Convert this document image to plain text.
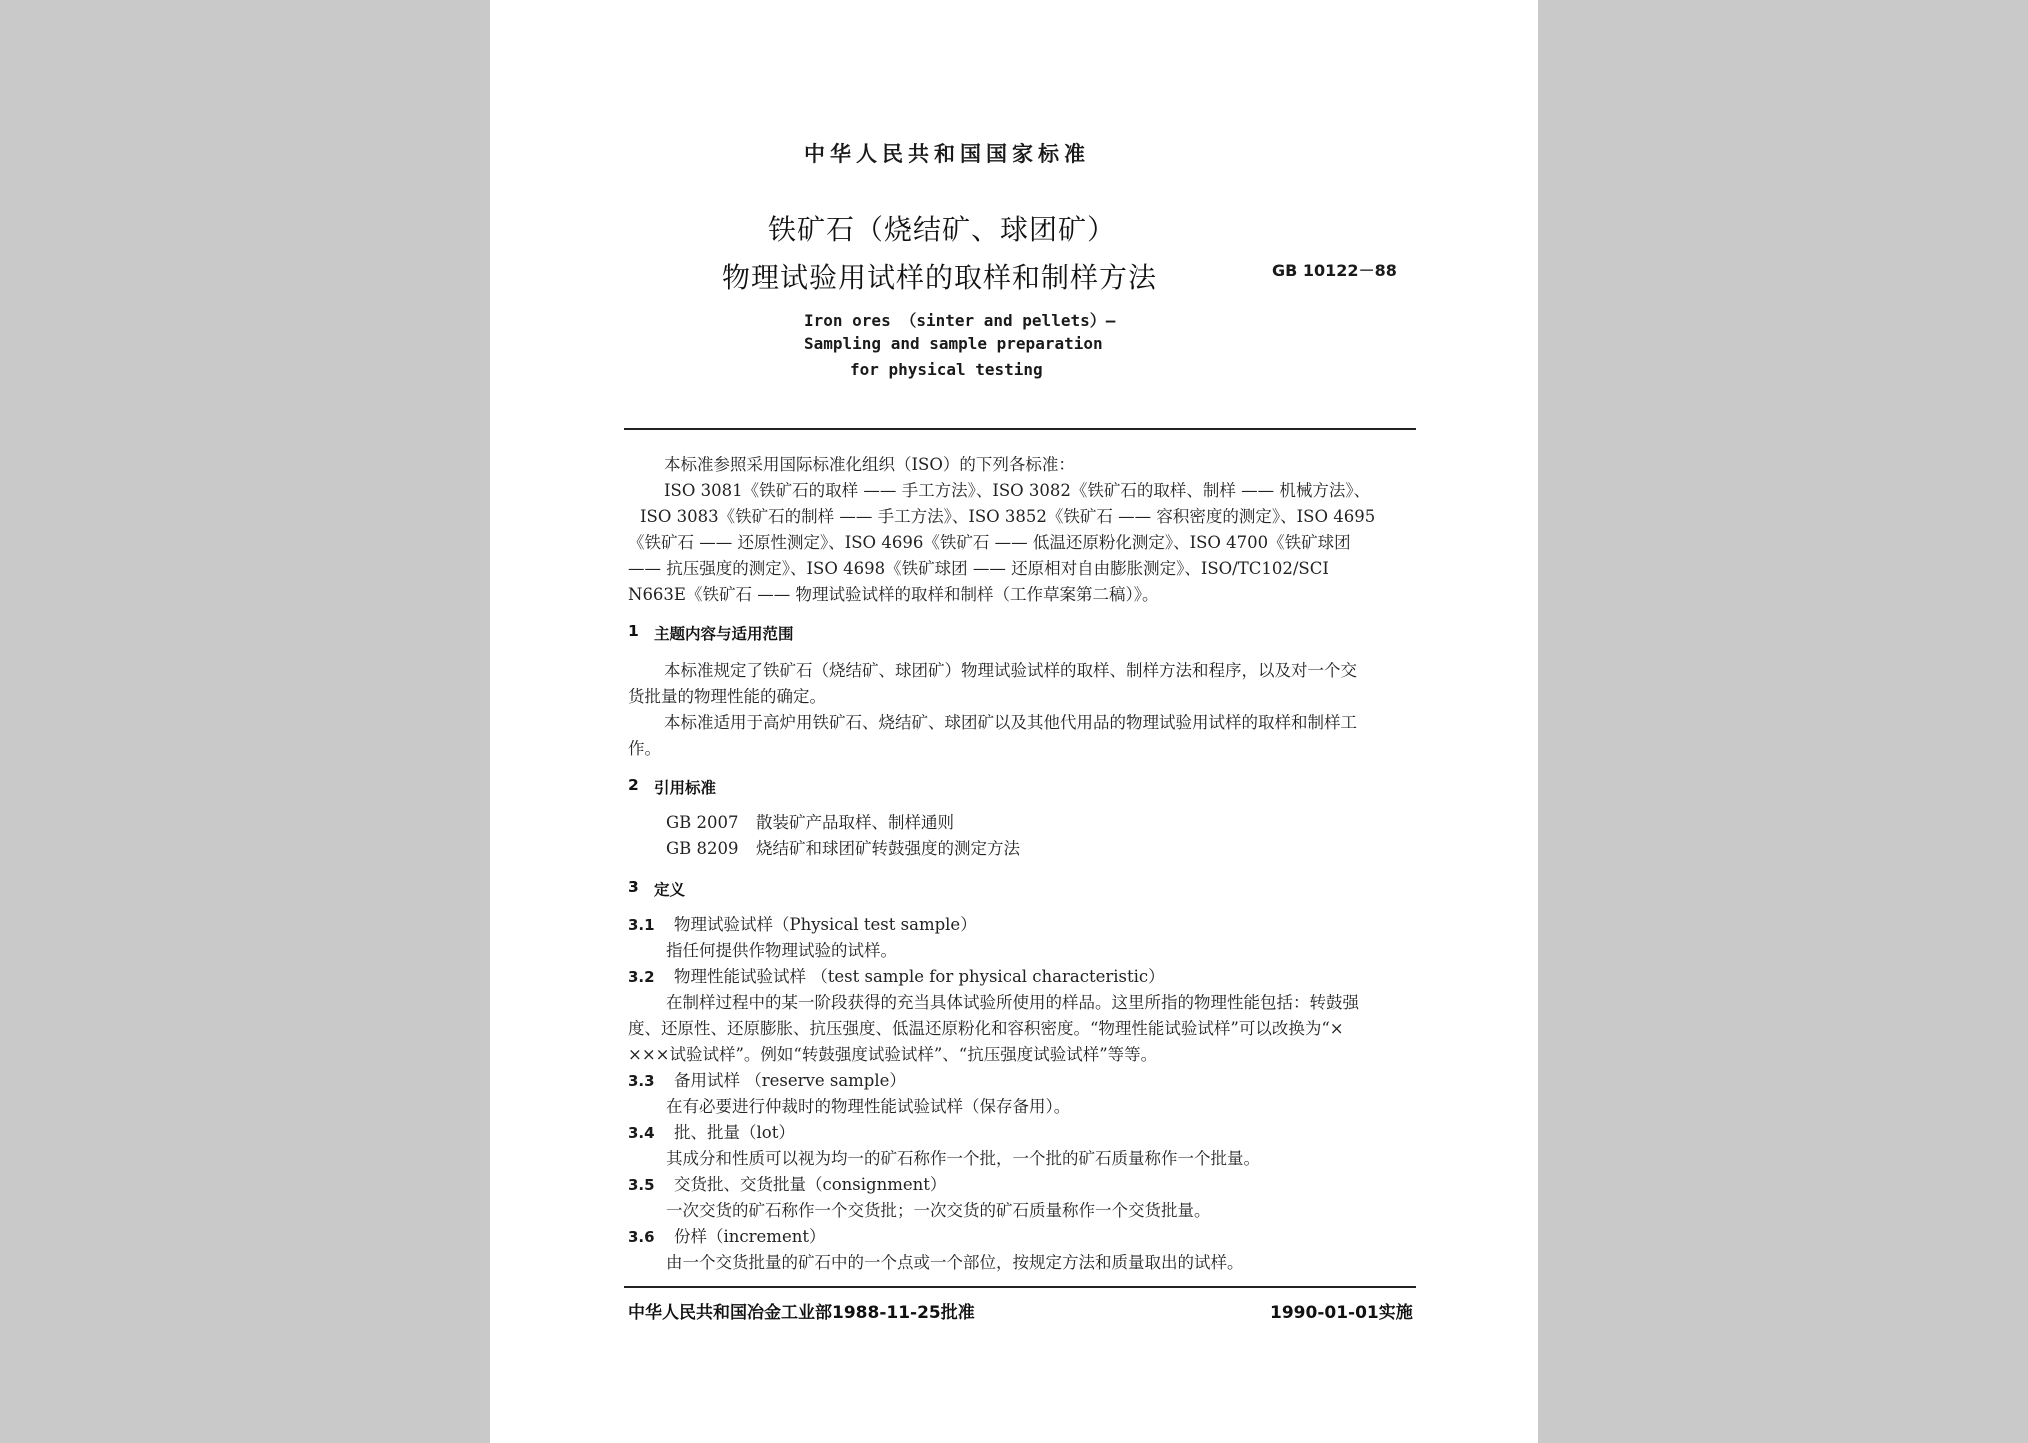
中华人民共和国国家标准
铁矿石（烧结矿、球团矿）
物理试验用试样的取样和制样方法	GB 10122－88
Iron ores （sinter and pellets）—
Sampling and sample preparation
for physical testing
本标准参照采用国际标准化组织（ISO）的下列各标准：
ISO 3081《铁矿石的取样 —— 手工方法》、ISO 3082《铁矿石的取样、制样 —— 机械方法》、
ISO 3083《铁矿石的制样 —— 手工方法》、ISO 3852《铁矿石 —— 容积密度的测定》、ISO 4695
《铁矿石 —— 还原性测定》、ISO 4696《铁矿石 —— 低温还原粉化测定》、ISO 4700《铁矿球团
—— 抗压强度的测定》、ISO 4698《铁矿球团 —— 还原相对自由膨胀测定》、ISO/TC102/SCI
N663E《铁矿石 —— 物理试验试样的取样和制样（工作草案第二稿）》。
1 主题内容与适用范围
本标准规定了铁矿石（烧结矿、球团矿）物理试验试样的取样、制样方法和程序，以及对一个交
货批量的物理性能的确定。
本标准适用于高炉用铁矿石、烧结矿、球团矿以及其他代用品的物理试验用试样的取样和制样工
作。
2 引用标准
GB 2007 散装矿产品取样、制样通则
GB 8209 烧结矿和球团矿转鼓强度的测定方法
3 定义
3.1 物理试验试样（Physical test sample）
指任何提供作物理试验的试样。
3.2 物理性能试验试样 （test sample for physical characteristic）
在制样过程中的某一阶段获得的充当具体试验所使用的样品。这里所指的物理性能包括：转鼓强
度、还原性、还原膨胀、抗压强度、低温还原粉化和容积密度。“物理性能试验试样”可以改换为“×
×××试验试样”。例如“转鼓强度试验试样”、“抗压强度试验试样”等等。
3.3 备用试样 （reserve sample）
在有必要进行仲裁时的物理性能试验试样（保存备用）。
3.4 批、批量（lot）
其成分和性质可以视为均一的矿石称作一个批，一个批的矿石质量称作一个批量。
3.5 交货批、交货批量（consignment）
一次交货的矿石称作一个交货批；一次交货的矿石质量称作一个交货批量。
3.6 份样（increment）
由一个交货批量的矿石中的一个点或一个部位，按规定方法和质量取出的试样。
中华人民共和国冶金工业部1988-11-25批准	1990-01-01实施
